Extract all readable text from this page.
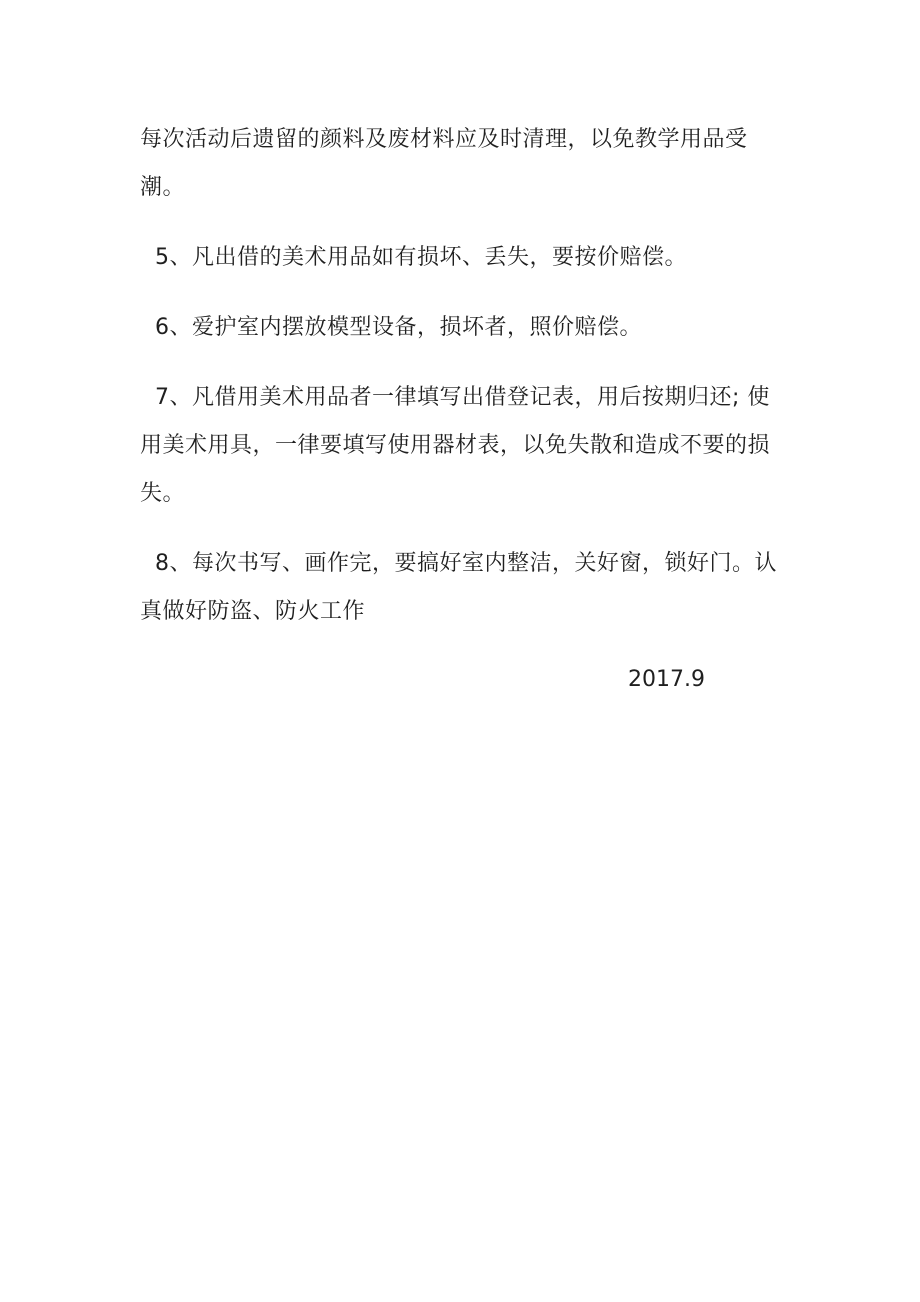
每次活动后遗留的颜料及废材料应及时清理，以免教学用品受潮。

5、凡出借的美术用品如有损坏、丢失，要按价赔偿。

6、爱护室内摆放模型设备，损坏者，照价赔偿。

7、凡借用美术用品者一律填写出借登记表，用后按期归还; 使用美术用具，一律要填写使用器材表，以免失散和造成不要的损失。

8、每次书写、画作完，要搞好室内整洁，关好窗，锁好门。认真做好防盗、防火工作

2017.9
